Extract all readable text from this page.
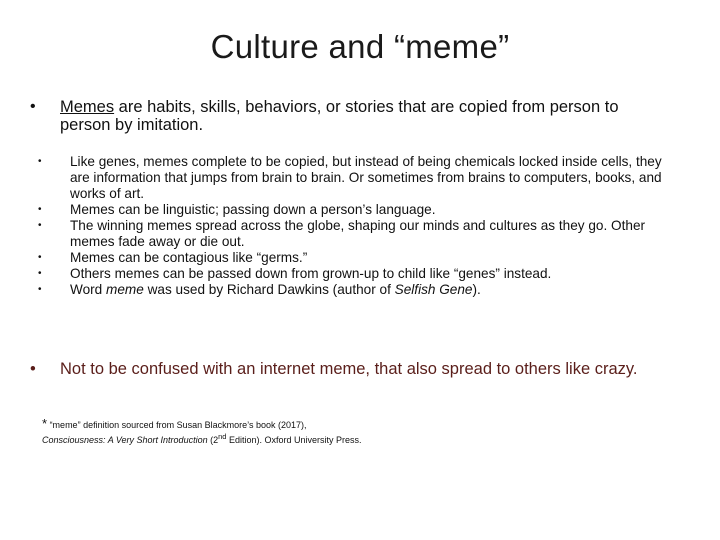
Culture and “meme”
•	Memes are habits, skills, behaviors, or stories that are copied from person to person by imitation.
•	Like genes, memes complete to be copied, but instead of being chemicals locked inside cells, they are information that jumps from brain to brain. Or sometimes from brains to computers, books, and works of art.
•	Memes can be linguistic; passing down a person’s language.
•	The winning memes spread across the globe, shaping our minds and cultures as they go. Other memes fade away or die out.
•	Memes can be contagious like “germs.”
•	Others memes can be passed down from grown-up to child like “genes” instead.
•	Word meme was used by Richard Dawkins (author of Selfish Gene).
•	Not to be confused with an internet meme, that also spread to others like crazy.
* “meme” definition sourced from Susan Blackmore’s book (2017),
Consciousness: A Very Short Introduction (2nd Edition). Oxford University Press.
